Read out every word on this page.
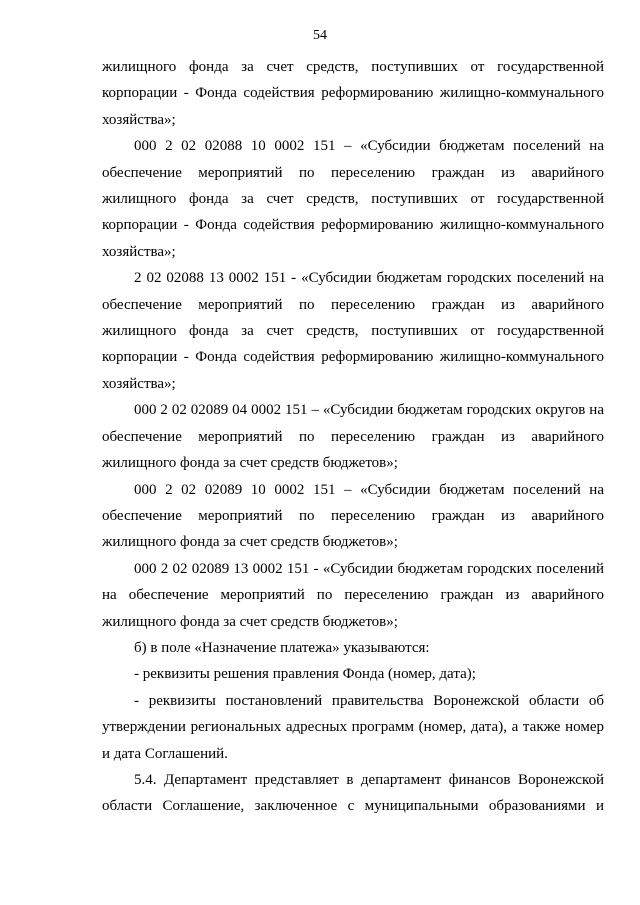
54
жилищного фонда за счет средств, поступивших от государственной
корпорации - Фонда содействия реформированию жилищно-коммунального
хозяйства»;
000 2 02 02088 10 0002 151 – «Субсидии бюджетам поселений на
обеспечение мероприятий по переселению граждан из аварийного
жилищного фонда за счет средств, поступивших от государственной
корпорации - Фонда содействия реформированию жилищно-коммунального
хозяйства»;
2 02 02088 13 0002 151 - «Субсидии бюджетам городских поселений на
обеспечение мероприятий по переселению граждан из аварийного
жилищного фонда за счет средств, поступивших от государственной
корпорации - Фонда содействия реформированию жилищно-коммунального
хозяйства»;
000 2 02 02089 04 0002 151 – «Субсидии бюджетам городских округов на
обеспечение мероприятий по переселению граждан из аварийного
жилищного фонда за счет средств бюджетов»;
000 2 02 02089 10 0002 151 – «Субсидии бюджетам поселений на
обеспечение мероприятий по переселению граждан из аварийного
жилищного фонда за счет средств бюджетов»;
000 2 02 02089 13 0002 151 - «Субсидии бюджетам городских поселений
на обеспечение мероприятий по переселению граждан из аварийного
жилищного фонда за счет средств бюджетов»;
б) в поле «Назначение платежа» указываются:
- реквизиты решения правления Фонда (номер, дата);
- реквизиты постановлений правительства Воронежской области об
утверждении региональных адресных программ (номер, дата), а также номер
и дата Соглашений.
5.4. Департамент представляет в департамент финансов Воронежской
области Соглашение, заключенное с муниципальными образованиями и
